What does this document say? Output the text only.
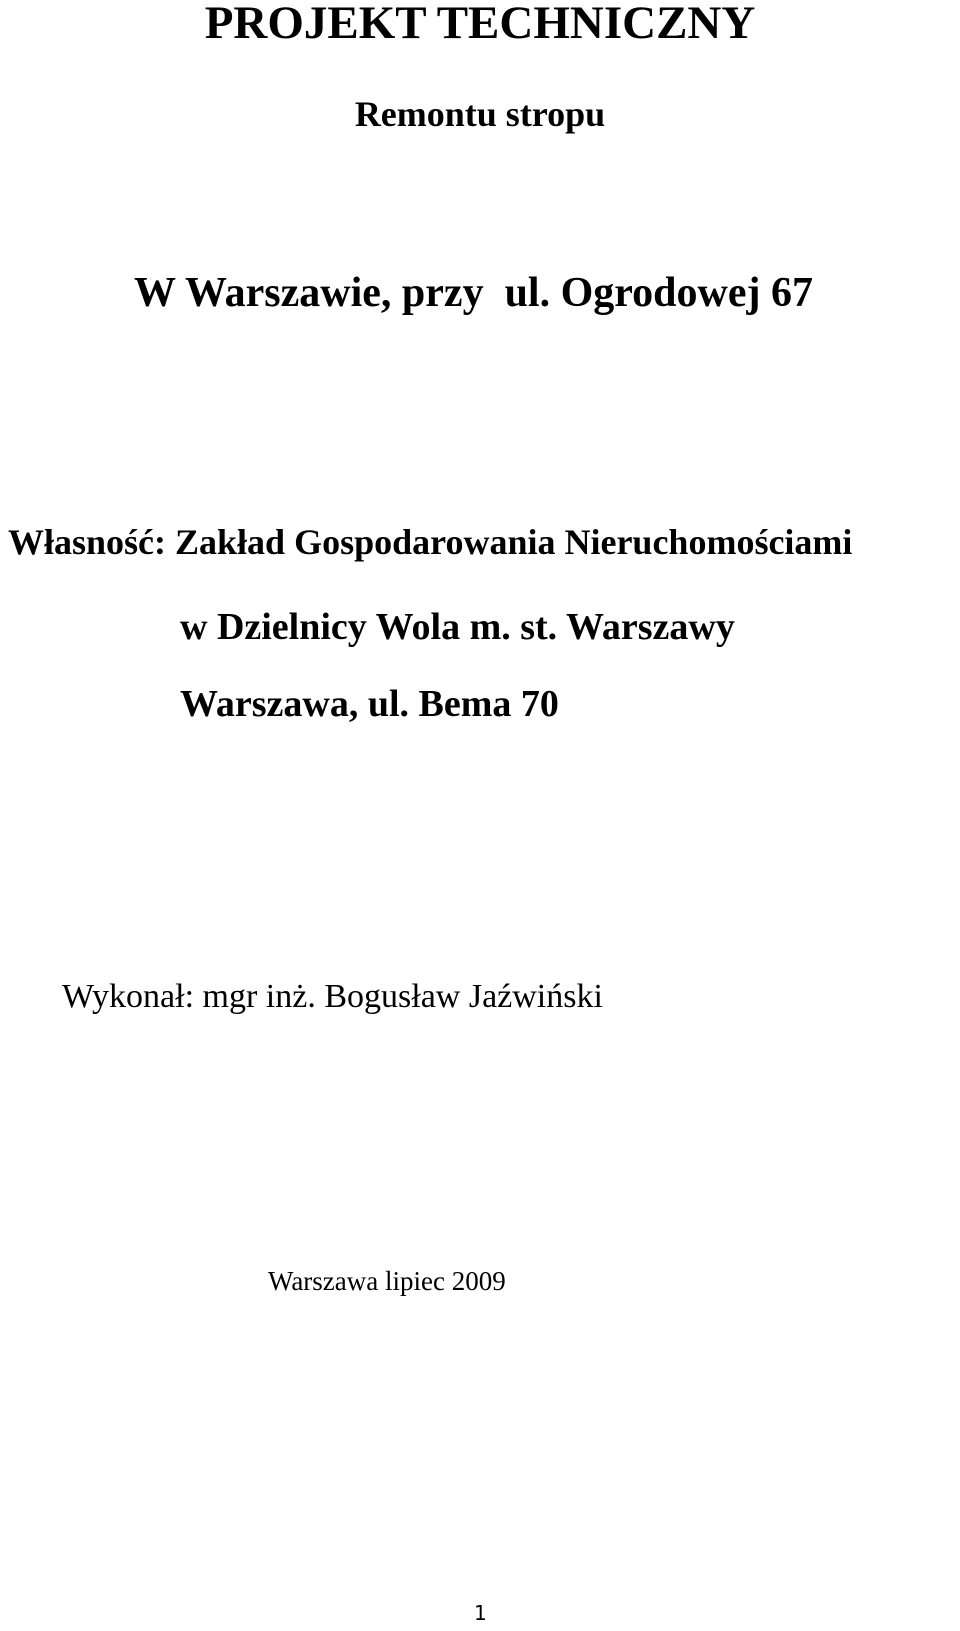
PROJEKT TECHNICZNY
Remontu stropu
W Warszawie, przy  ul. Ogrodowej 67
Własność: Zakład Gospodarowania Nieruchomościami
w Dzielnicy Wola m. st. Warszawy
Warszawa, ul. Bema 70
Wykonał: mgr inż. Bogusław Jaźwiński
Warszawa lipiec 2009
1
